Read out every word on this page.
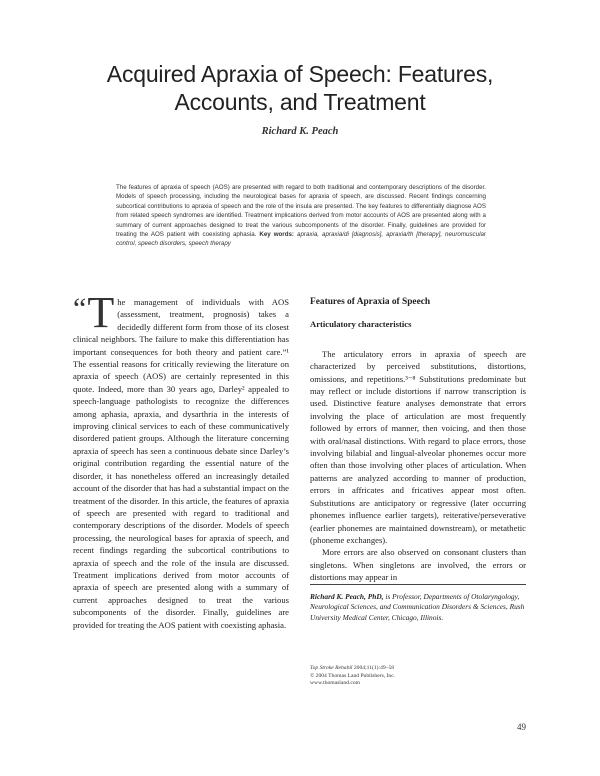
Acquired Apraxia of Speech: Features,
Accounts, and Treatment
Richard K. Peach
The features of apraxia of speech (AOS) are presented with regard to both traditional and contemporary descriptions of the disorder. Models of speech processing, including the neurological bases for apraxia of speech, are discussed. Recent findings concerning subcortical contributions to apraxia of speech and the role of the insula are presented. The key features to differentially diagnose AOS from related speech syndromes are identified. Treatment implications derived from motor accounts of AOS are presented along with a summary of current approaches designed to treat the various subcomponents of the disorder. Finally, guidelines are provided for treating the AOS patient with coexisting aphasia. Key words: apraxia, apraxia/di [diagnosis], apraxia/th [therapy], neuromuscular control, speech disorders, speech therapy
“ T he management of individuals with AOS (assessment, treatment, prognosis) takes a decidedly different form from those of its closest clinical neighbors. The failure to make this differentiation has important consequences for both theory and patient care.”¹ The essential reasons for critically reviewing the literature on apraxia of speech (AOS) are certainly represented in this quote. Indeed, more than 30 years ago, Darley² appealed to speech-language pathologists to recognize the differences among aphasia, apraxia, and dysarthria in the interests of improving clinical services to each of these communicatively disordered patient groups. Although the literature concerning apraxia of speech has seen a continuous debate since Darley’s original contribution regarding the essential nature of the disorder, it has nonetheless offered an increasingly detailed account of the disorder that has had a substantial impact on the treatment of the disorder. In this article, the features of apraxia of speech are presented with regard to traditional and contemporary descriptions of the disorder. Models of speech processing, the neurological bases for apraxia of speech, and recent findings regarding the subcortical contributions to apraxia of speech and the role of the insula are discussed. Treatment implications derived from motor accounts of apraxia of speech are presented along with a summary of current approaches designed to treat the various subcomponents of the disorder. Finally, guidelines are provided for treating the AOS patient with coexisting aphasia.
Features of Apraxia of Speech
Articulatory characteristics

The articulatory errors in apraxia of speech are characterized by perceived substitutions, distortions, omissions, and repetitions.³⁻⁸ Substitutions predominate but may reflect or include distortions if narrow transcription is used. Distinctive feature analyses demonstrate that errors involving the place of articulation are most frequently followed by errors of manner, then voicing, and then those with oral/nasal distinctions. With regard to place errors, those involving bilabial and lingual-alveolar phonemes occur more often than those involving other places of articulation. When patterns are analyzed according to manner of production, errors in affricates and fricatives appear most often. Substitutions are anticipatory or regressive (later occurring phonemes influence earlier targets), reiterative/perseverative (earlier phonemes are maintained downstream), or metathetic (phoneme exchanges).

More errors are also observed on consonant clusters than singletons. When singletons are involved, the errors or distortions may appear in

Richard K. Peach, PhD, is Professor, Departments of Otolaryngology, Neurological Sciences, and Communication Disorders & Sciences, Rush University Medical Center, Chicago, Illinois.
Top Stroke Rehabil 2004;11(1):49–58
© 2004 Thomas Land Publishers, Inc.
www.thomasland.com
49
